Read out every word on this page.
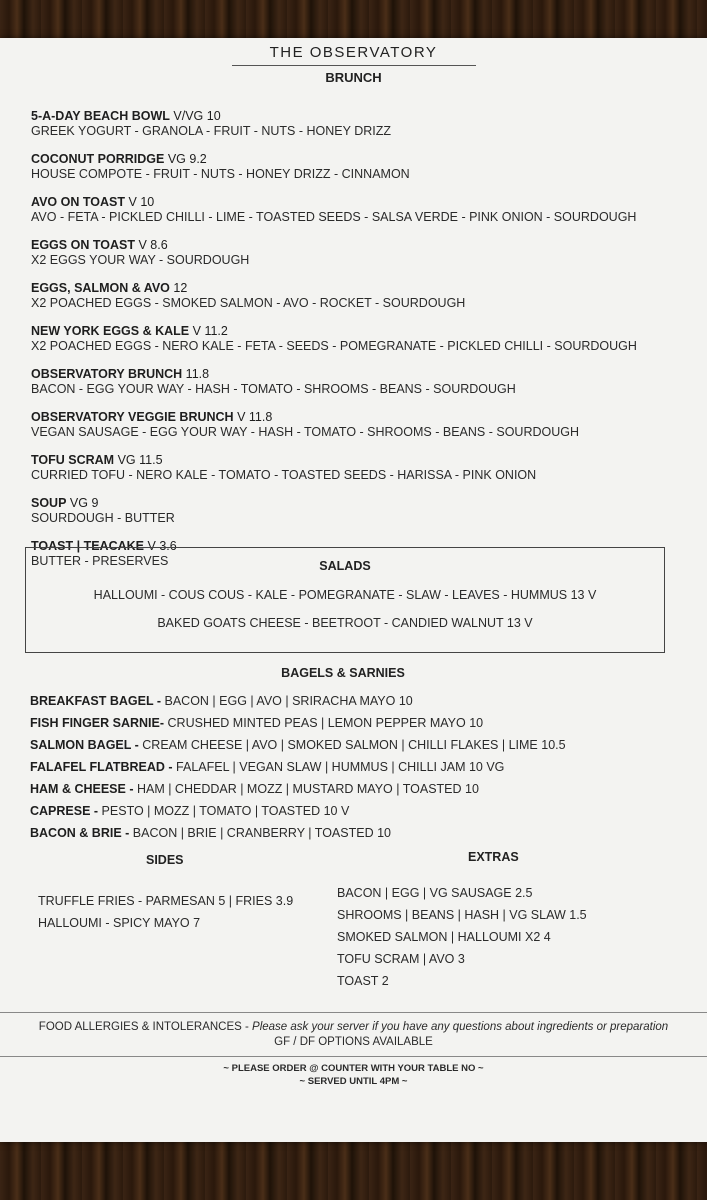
THE OBSERVATORY
BRUNCH
5-A-DAY BEACH BOWL V/VG 10
GREEK YOGURT - GRANOLA - FRUIT - NUTS - HONEY DRIZZ
COCONUT PORRIDGE VG 9.2
HOUSE COMPOTE - FRUIT - NUTS - HONEY DRIZZ - CINNAMON
AVO ON TOAST V 10
AVO - FETA - PICKLED CHILLI - LIME - TOASTED SEEDS - SALSA VERDE - PINK ONION - SOURDOUGH
EGGS ON TOAST V 8.6
X2 EGGS YOUR WAY - SOURDOUGH
EGGS, SALMON & AVO 12
X2 POACHED EGGS - SMOKED SALMON - AVO - ROCKET - SOURDOUGH
NEW YORK EGGS & KALE V 11.2
X2 POACHED EGGS - NERO KALE - FETA - SEEDS - POMEGRANATE - PICKLED CHILLI - SOURDOUGH
OBSERVATORY BRUNCH 11.8
BACON - EGG YOUR WAY - HASH - TOMATO - SHROOMS - BEANS - SOURDOUGH
OBSERVATORY VEGGIE BRUNCH V 11.8
VEGAN SAUSAGE - EGG YOUR WAY - HASH - TOMATO - SHROOMS - BEANS - SOURDOUGH
TOFU SCRAM VG 11.5
CURRIED TOFU - NERO KALE - TOMATO - TOASTED SEEDS - HARISSA - PINK ONION
SOUP VG 9
SOURDOUGH - BUTTER
TOAST | TEACAKE V 3.6
BUTTER - PRESERVES	SALADS
HALLOUMI - COUS COUS - KALE - POMEGRANATE - SLAW - LEAVES - HUMMUS 13 V
BAKED GOATS CHEESE - BEETROOT - CANDIED WALNUT 13 V
BAGELS & SARNIES
BREAKFAST BAGEL - BACON | EGG | AVO | SRIRACHA MAYO 10
FISH FINGER SARNIE- CRUSHED MINTED PEAS | LEMON PEPPER MAYO 10
SALMON BAGEL - CREAM CHEESE | AVO | SMOKED SALMON | CHILLI FLAKES | LIME 10.5
FALAFEL FLATBREAD - FALAFEL | VEGAN SLAW | HUMMUS | CHILLI JAM 10 VG
HAM & CHEESE - HAM | CHEDDAR | MOZZ | MUSTARD MAYO | TOASTED 10
CAPRESE - PESTO | MOZZ | TOMATO | TOASTED 10 V
BACON & BRIE - BACON | BRIE | CRANBERRY | TOASTED 10
SIDES	EXTRAS
TRUFFLE FRIES - PARMESAN 5 | FRIES 3.9
HALLOUMI - SPICY MAYO 7
BACON | EGG | VG SAUSAGE 2.5
SHROOMS | BEANS | HASH | VG SLAW 1.5
SMOKED SALMON | HALLOUMI X2 4
TOFU SCRAM | AVO 3
TOAST 2
FOOD ALLERGIES & INTOLERANCES - Please ask your server if you have any questions about ingredients or preparation
GF / DF OPTIONS AVAILABLE
~ PLEASE ORDER @ COUNTER WITH YOUR TABLE NO ~
~ SERVED UNTIL 4PM ~
